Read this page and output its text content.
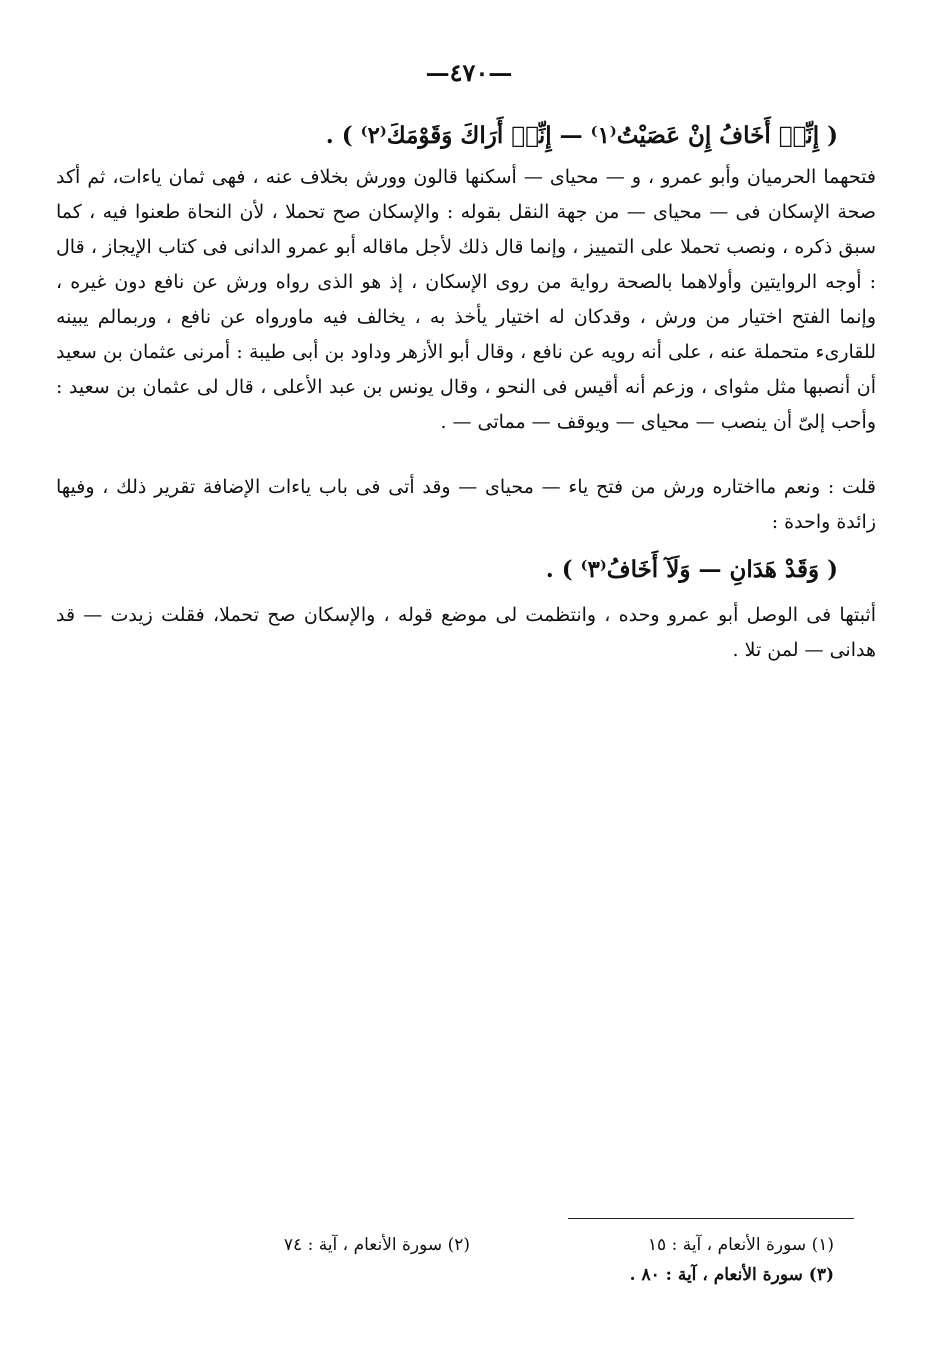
—٤٧٠—
( إِنِّيۤ أَخَافُ إِنْ عَصَيْتُ⁽١⁾ — إِنِّيۤ أَرَاكَ وَقَوْمَكَ⁽٢⁾ ) .

فتحهما الحرميان وأبو عمرو ، و — محياى — أسكنها قالون وورش بخلاف عنه ، فهى ثمان ياءات، ثم أكد صحة الإسكان فى — محياى — من جهة النقل بقوله : والإسكان صح تحملا ، لأن النحاة طعنوا فيه ، كما سبق ذكره ، ونصب تحملا على التمييز ، وإنما قال ذلك لأجل ماقاله أبو عمرو الدانى فى كتاب الإيجاز ، قال : أوجه الروايتين وأولاهما بالصحة رواية من روى الإسكان ، إذ هو الذى رواه ورش عن نافع دون غيره ، وإنما الفتح اختيار من ورش ، وقدكان له اختيار يأخذ به ، يخالف فيه ماورواه عن نافع ، وربمالم يبينه للقارىء متحملة عنه ، على أنه رويه عن نافع ، وقال أبو الأزهر وداود بن أبى طيبة : أمرنى عثمان بن سعيد أن أنصبها مثل مثواى ، وزعم أنه أقيس فى النحو ، وقال يونس بن عبد الأعلى ، قال لى عثمان بن سعيد : وأحب إلىّ أن ينصب — محياى — ويوقف — مماتى — .

قلت : ونعم مااختاره ورش من فتح ياء — محياى — وقد أتى فى باب ياءات الإضافة تقرير ذلك ، وفيها زائدة واحدة :

( وَقَدْ هَدَانِ — وَلَآ أَخَافُ⁽٣⁾ ) .

أثبتها فى الوصل أبو عمرو وحده ، وانتظمت لى موضع قوله ، والإسكان صح تحملا، فقلت زيدت — قد هدانى — لمن تلا .

(١) سورة الأنعام ، آية : ١٥
(٢) سورة الأنعام ، آية : ٧٤
(٣) سورة الأنعام ، آية : ٨٠ .
